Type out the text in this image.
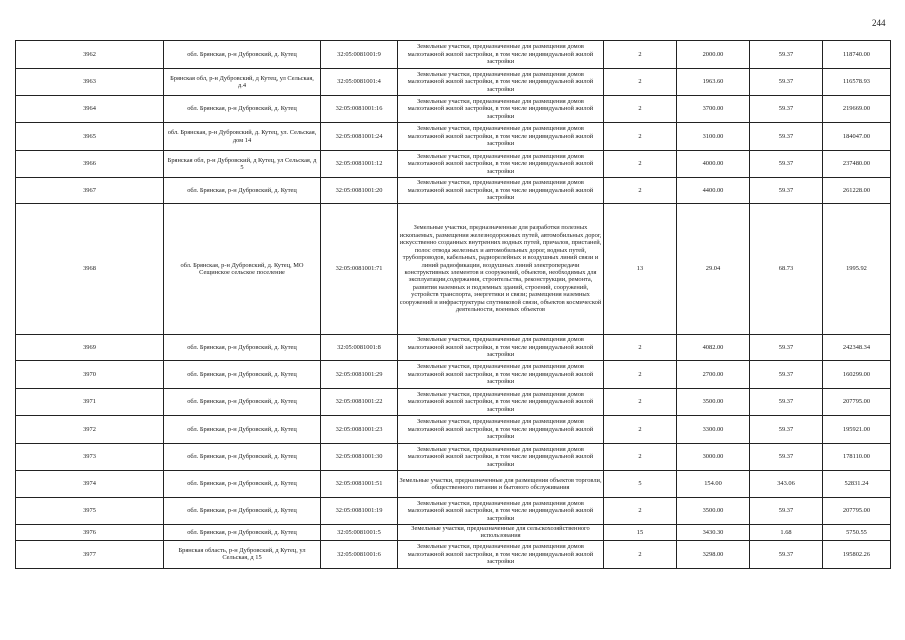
244
3962	обл. Брянская, р-н Дубровский, д. Кутец	32:05:0081001:9	Земельные участки, предназначенные для размещения домов малоэтажной жилой застройки, в том числе индивидуальной жилой застройки	2	2000.00	59.37	118740.00
3963	Брянская обл, р-н Дубровский, д Кутец, ул Сельская, д.4	32:05:0081001:4	Земельные участки, предназначенные для размещения домов малоэтажной жилой застройки, в том числе индивидуальной жилой застройки	2	1963.60	59.37	116578.93
3964	обл. Брянская, р-н Дубровский, д. Кутец	32:05:0081001:16	Земельные участки, предназначенные для размещения домов малоэтажной жилой застройки, в том числе индивидуальной жилой застройки	2	3700.00	59.37	219669.00
3965	обл. Брянская, р-н Дубровский, д. Кутец, ул. Сельская, дом 14	32:05:0081001:24	Земельные участки, предназначенные для размещения домов малоэтажной жилой застройки, в том числе индивидуальной жилой застройки	2	3100.00	59.37	184047.00
3966	Брянская обл, р-н Дубровский, д Кутец, ул Сельская, д 5	32:05:0081001:12	Земельные участки, предназначенные для размещения домов малоэтажной жилой застройки, в том числе индивидуальной жилой застройки	2	4000.00	59.37	237480.00
3967	обл. Брянская, р-н Дубровский, д. Кутец	32:05:0081001:20	Земельные участки, предназначенные для размещения домов малоэтажной жилой застройки, в том числе индивидуальной жилой застройки	2	4400.00	59.37	261228.00
3968	обл. Брянская, р-н Дубровский, д. Кутец, МО Сещинское сельское поселение	32:05:0081001:71	Земельные участки, предназначенные для разработки полезных ископаемых, размещения железнодорожных путей, автомобильных дорог, искусственно созданных внутренних водных путей, причалов, пристаней, полос отвода железных и автомобильных дорог, водных путей, трубопроводов, кабельных, радиорелейных и воздушных линий связи и линий радиофикации, воздушных линий электропередачи конструктивных элементов и сооружений, объектов, необходимых для эксплуатации,содержания, строительства, реконструкции, ремонта, развития наземных и подземных зданий, строений, сооружений, устройств транспорта, энергетики и связи; размещения наземных сооружений и инфраструктуры спутниковой связи, объектов космической деятельности, военных объектов	13	29.04	68.73	1995.92
3969	обл. Брянская, р-н Дубровский, д. Кутец	32:05:0081001:8	Земельные участки, предназначенные для размещения домов малоэтажной жилой застройки, в том числе индивидуальной жилой застройки	2	4082.00	59.37	242348.34
3970	обл. Брянская, р-н Дубровский, д. Кутец	32:05:0081001:29	Земельные участки, предназначенные для размещения домов малоэтажной жилой застройки, в том числе индивидуальной жилой застройки	2	2700.00	59.37	160299.00
3971	обл. Брянская, р-н Дубровский, д. Кутец	32:05:0081001:22	Земельные участки, предназначенные для размещения домов малоэтажной жилой застройки, в том числе индивидуальной жилой застройки	2	3500.00	59.37	207795.00
3972	обл. Брянская, р-н Дубровский, д. Кутец	32:05:0081001:23	Земельные участки, предназначенные для размещения домов малоэтажной жилой застройки, в том числе индивидуальной жилой застройки	2	3300.00	59.37	195921.00
3973	обл. Брянская, р-н Дубровский, д. Кутец	32:05:0081001:30	Земельные участки, предназначенные для размещения домов малоэтажной жилой застройки, в том числе индивидуальной жилой застройки	2	3000.00	59.37	178110.00
3974	обл. Брянская, р-н Дубровский, д. Кутец	32:05:0081001:51	Земельные участки, предназначенные для размещения объектов торговли, общественного питания и бытового обслуживания	5	154.00	343.06	52831.24
3975	обл. Брянская, р-н Дубровский, д. Кутец	32:05:0081001:19	Земельные участки, предназначенные для размещения домов малоэтажной жилой застройки, в том числе индивидуальной жилой застройки	2	3500.00	59.37	207795.00
3976	обл. Брянская, р-н Дубровский, д. Кутец	32:05:0081001:5	Земельные участки, предназначенные для сельскохозяйственного использования	15	3430.30	1.68	5750.55
3977	Брянская область, р-н Дубровский, д Кутец, ул Сельская, д 15	32:05:0081001:6	Земельные участки, предназначенные для размещения домов малоэтажной жилой застройки, в том числе индивидуальной жилой застройки	2	3298.00	59.37	195802.26
